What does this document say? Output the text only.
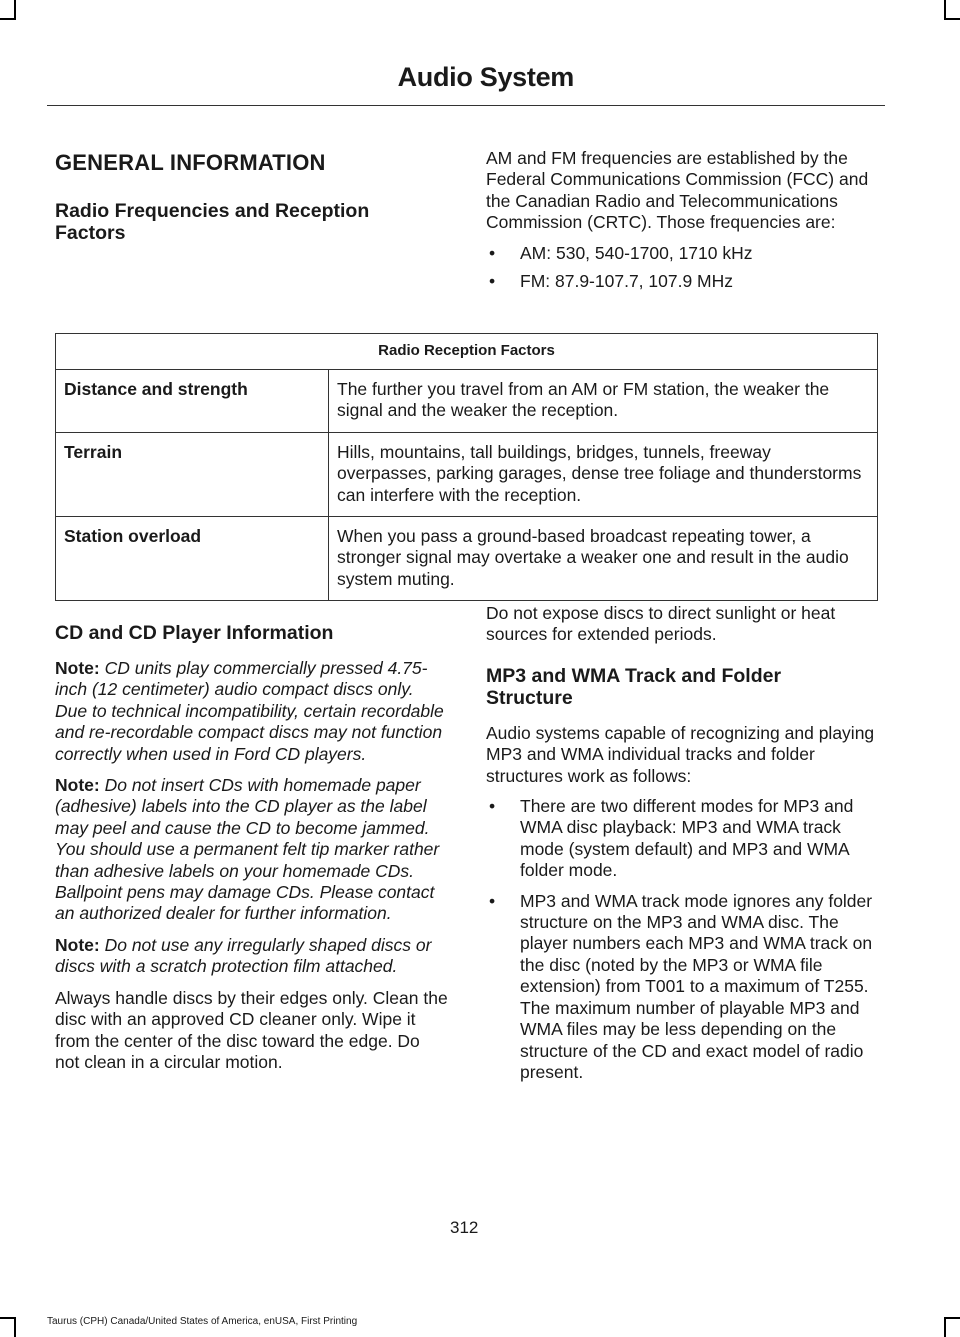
Audio System
GENERAL INFORMATION
Radio Frequencies and Reception Factors

AM and FM frequencies are established by the Federal Communications Commission (FCC) and the Canadian Radio and Telecommunications Commission (CRTC). Those frequencies are:

• AM: 530, 540-1700, 1710 kHz
• FM: 87.9-107.7, 107.9 MHz
Radio Reception Factors	
Distance and strength	The further you travel from an AM or FM station, the weaker the signal and the weaker the reception.
Terrain	Hills, mountains, tall buildings, bridges, tunnels, freeway overpasses, parking garages, dense tree foliage and thunderstorms can interfere with the reception.
Station overload	When you pass a ground-based broadcast repeating tower, a stronger signal may overtake a weaker one and result in the audio system muting.
CD and CD Player Information

Note: CD units play commercially pressed 4.75-inch (12 centimeter) audio compact discs only. Due to technical incompatibility, certain recordable and re-recordable compact discs may not function correctly when used in Ford CD players.

Note: Do not insert CDs with homemade paper (adhesive) labels into the CD player as the label may peel and cause the CD to become jammed. You should use a permanent felt tip marker rather than adhesive labels on your homemade CDs. Ballpoint pens may damage CDs. Please contact an authorized dealer for further information.

Note: Do not use any irregularly shaped discs or discs with a scratch protection film attached.

Always handle discs by their edges only. Clean the disc with an approved CD cleaner only. Wipe it from the center of the disc toward the edge. Do not clean in a circular motion.

Do not expose discs to direct sunlight or heat sources for extended periods.

MP3 and WMA Track and Folder Structure

Audio systems capable of recognizing and playing MP3 and WMA individual tracks and folder structures work as follows:

• There are two different modes for MP3 and WMA disc playback: MP3 and WMA track mode (system default) and MP3 and WMA folder mode.
• MP3 and WMA track mode ignores any folder structure on the MP3 and WMA disc. The player numbers each MP3 and WMA track on the disc (noted by the MP3 or WMA file extension) from T001 to a maximum of T255. The maximum number of playable MP3 and WMA files may be less depending on the structure of the CD and exact model of radio present.
312
Taurus (CPH) Canada/United States of America, enUSA, First Printing
